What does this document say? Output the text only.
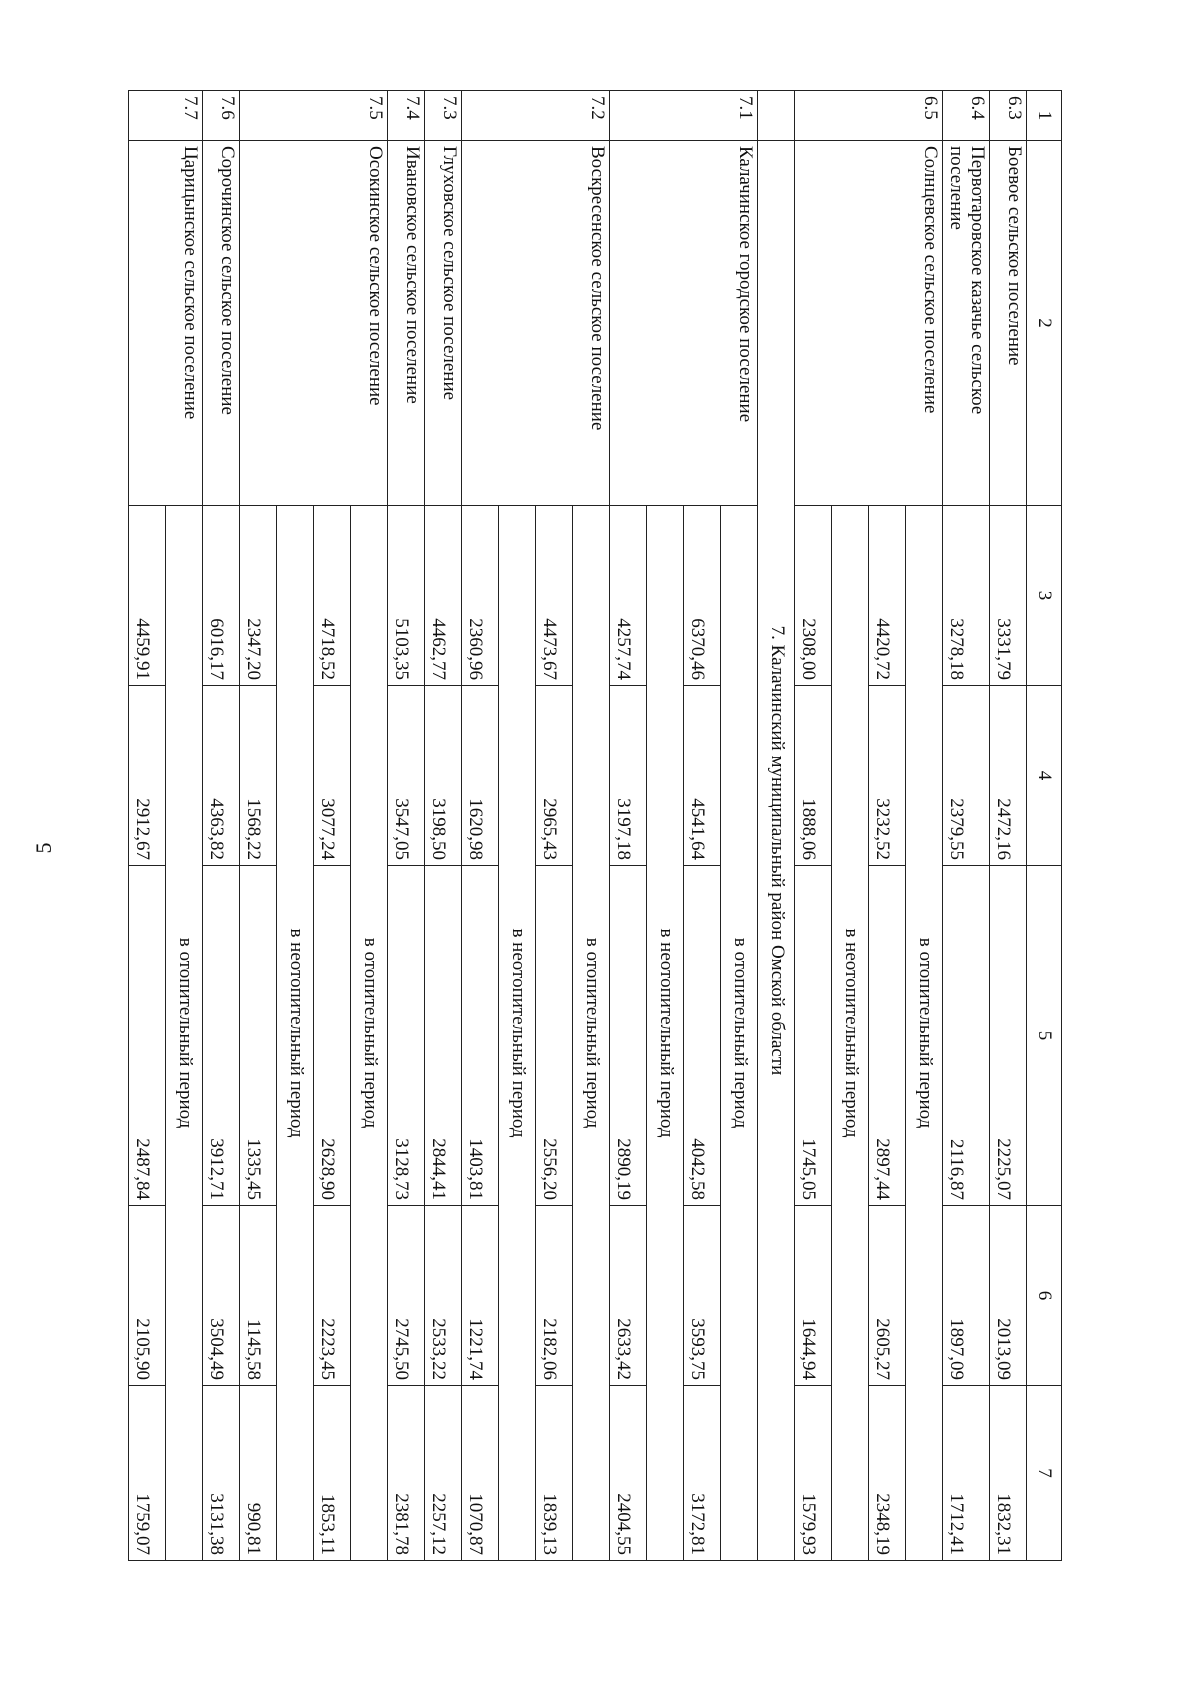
5
1	2	3	4	5	6	7
6.3	Боевое сельское поселение	3331,79	2472,16	2225,07	2013,09	1832,31
6.4	Первотаровское казачье сельское поселение	3278,18	2379,55	2116,87	1897,09	1712,41
6.5	Солнцевское сельское поселение	в отопительный период				
		4420,72	3232,52	2897,44	2605,27	2348,19
		в неотопительный период				
		2308,00	1888,06	1745,05	1644,94	1579,93
	7. Калачинский муниципальный район Омской области					
7.1	Калачинское городское поселение	в отопительный период				
		6370,46	4541,64	4042,58	3593,75	3172,81
		в неотопительный период				
		4257,74	3197,18	2890,19	2633,42	2404,55
7.2	Воскресенское сельское поселение	в отопительный период				
		4473,67	2965,43	2556,20	2182,06	1839,13
		в неотопительный период				
		2360,96	1620,98	1403,81	1221,74	1070,87
7.3	Глуховское сельское поселение	4462,77	3198,50	2844,41	2533,22	2257,12
7.4	Ивановское сельское поселение	5103,35	3547,05	3128,73	2745,50	2381,78
7.5	Осокинское сельское поселение	в отопительный период				
		4718,52	3077,24	2628,90	2223,45	1853,11
		в неотопительный период				
		2347,20	1568,22	1335,45	1145,58	990,81
7.6	Сорочинское сельское поселение	6016,17	4363,82	3912,71	3504,49	3131,38
7.7	Царицынское сельское поселение	в отопительный период				
		4459,91	2912,67	2487,84	2105,90	1759,07
